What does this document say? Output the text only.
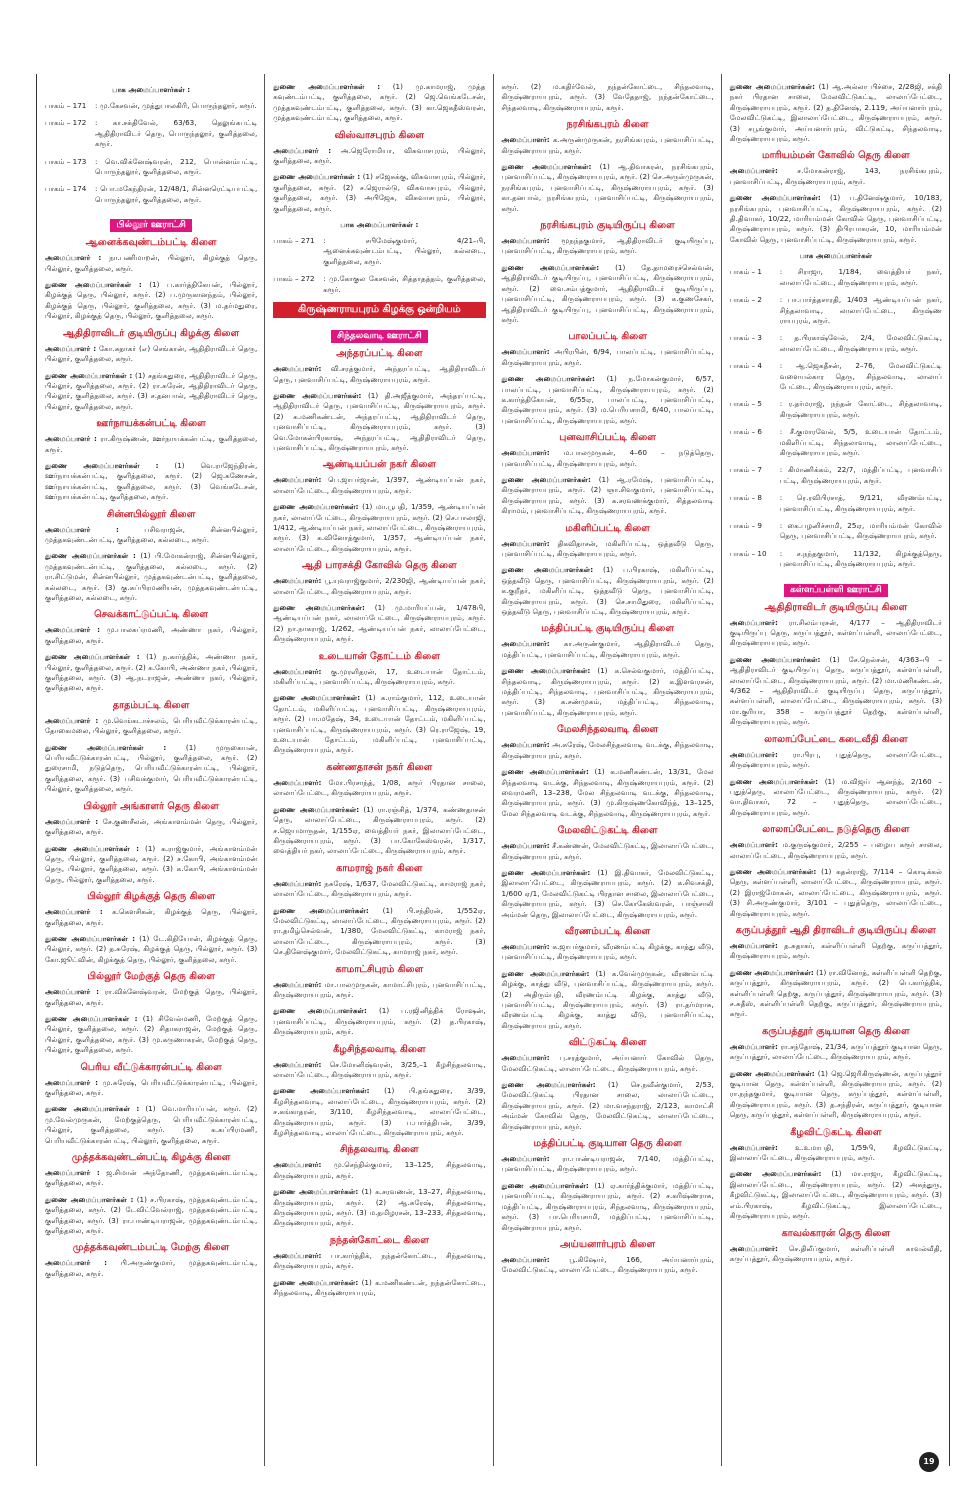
பாக அமைப்பாளர்கள் :
பாகம் – 171	: மு.கேசவன், முத்துபாலகிரி, பொருந்தலூர், கரூர்.
பாகம் – 172	: கா.சக்திவேல், 63/63, தெலுங்கபட்டி ஆதிதிராவிடர் தெரு, பொருந்தலூர், குளித்தலை, கரூர்.
பாகம் – 173	: வெ.விக்னேஷ்வரன், 212, பொன்னம்பட்டி, பொருந்தலூர், குளித்தலை, கரூர்.
பாகம் – 174	: பொ.மகேந்திரன், 12/48/1, சின்னரெட்டியபட்டி, பொருந்தலூர், குளித்தலை, கரூர்.
பில்லூர் ஊராட்சி
ஆனைக்கவுண்டம்பட்டி கிளை
அமைப்பாளர் : நா.பணிமாறன், பில்லூர், கிழக்குத் தெரு, பில்லூர், குளித்தலை, கரூர்.
துணை அமைப்பாளர்கள் : (1) ப.கார்த்திகேயன், பில்லூர், கிழக்குத் தெரு, பில்லூர், கரூர். (2) ப.முருகானந்தம், பில்லூர், கிழக்குத் தெரு, பில்லூர், குளித்தலை, கரூர். (3) ம.தர்மதுரை, பில்லூர், கிழக்குத் தெரு, பில்லூர், குளித்தலை, கரூர்.
ஆதிதிராவிடர் குடியிருப்பு கிழக்கு கிளை
அமைப்பாளர் : கோ.சுதாகர் (எ) செங்கான், ஆதிதிராவிடர் தெரு, பில்லூர், குளித்தலை, கரூர்.
துணை அமைப்பாளர்கள் : (1) சதங்கதுரை, ஆதிதிராவிடர் தெரு, பில்லூர், குளித்தலை, கரூர். (2) ரா.சுரேன், ஆதிதிராவிடர் தெரு, பில்லூர், குளித்தலை, கரூர். (3) ச.தனபால், ஆதிதிராவிடர் தெரு, பில்லூர், குளித்தலை, கரூர்.
ஊர்நாயக்கன்பட்டி கிளை
அமைப்பாளர் : ரா.கிருஷ்ணன், ஊர்நாயக்கன்பட்டி, குளித்தலை, கரூர்.
துணை அமைப்பாளர்கள் : (1) வெ.ராஜேந்திரன், ஊர்நாயக்கன்பட்டி, குளித்தலை, கரூர். (2) ஜெ.கணேசன், ஊர்நாயக்கன்பட்டி, குளித்தலை, கரூர். (3) வெங்கடேசன், ஊர்நாயக்கன்பட்டி, குளித்தலை, கரூர்.
சின்னபில்லூர் கிளை
அமைப்பாளர் : பசிவராஜன், சின்னபில்லூர், முத்தகவுண்டன்பட்டி, குளித்தலை, கல்லடை, கரூர்.
துணை அமைப்பாளர்கள் : (1) பி.மோகன்ராஜ், சின்னபில்லூர், முத்தகவுண்டன்பட்டி, குளித்தலை, கல்லடை, கரூர். (2) ரா.சிட்டுமன், சின்னபில்லூர், முத்தகவுண்டன்பட்டி, குளித்தலை, கல்லடை, கரூர். (3) கு.சுப்பிரமணியன், முத்தகவுண்டன்பட்டி, குளித்தலை, கல்லடை, கரூர்.
செவக்காட்டுப்பட்டி கிளை
அமைப்பாளர் : மு.பாலசுப்ரமணி, அண்ணா நகர், பில்லூர், குளித்தலை, கரூர்.
துணை அமைப்பாளர்கள் : (1) ந.கார்த்திக், அண்ணா நகர், பில்லூர், குளித்தலை, கரூர். (2) க.கோபி, அண்ணா நகர், பில்லூர், குளித்தலை, கரூர். (3) ஆ.நடராஜன், அண்ணா நகர், பில்லூர், குளித்தலை, கரூர்.
தாதம்பட்டி கிளை
அமைப்பாளர் : மு.வெங்கடாச்சலம், பெரியவீட்டுக்காரன்பட்டி, தோகைமலை, பில்லூர், குளித்தலை, கரூர்.
துணை அமைப்பாளர்கள் : (1) முருகையன், பெரியவீட்டுக்காரன்பட்டி, பில்லூர், குளித்தலை, கரூர். (2) துரைசாமி, நடுத்தெரு, பெரியவீட்டுக்காரன்பட்டி, பில்லூர், குளித்தலை, கரூர். (3) பசிவக்குமார், பெரியவீட்டுக்காரன்பட்டி, பில்லூர், குளித்தலை, கரூர்.
பில்லூர் அங்காளர் தெரு கிளை
அமைப்பாளர் : சே.குணசீலன், அங்காளம்மன் தெரு, பில்லூர், குளித்தலை, கரூர்.
துணை அமைப்பாளர்கள் : (1) க.ராஜ்குமார், அங்காளம்மன் தெரு, பில்லூர், குளித்தலை, கரூர். (2) ச.கோபி, அங்காளம்மன் தெரு, பில்லூர், குளித்தலை, கரூர். (3) க.கோபி, அங்காளம்மன் தெரு, பில்லூர், குளித்தலை, கரூர்.
பில்லூர் கிழக்குத் தெரு கிளை
அமைப்பாளர் : க.கௌசிகன், கிழக்குத் தெரு, பில்லூர், குளித்தலை, கரூர்.
துணை அமைப்பாளர்கள் : (1) டே.கிதியோன், கிழக்குத் தெரு, பில்லூர், கரூர். (2) த.சுரேஷ், கிழக்குத் தெரு, பில்லூர், கரூர். (3) கோ.ஜூட்வின், கிழக்குத் தெரு, பில்லூர், குளித்தலை, கரூர்.
பில்லூர் மேற்குத் தெரு கிளை
அமைப்பாளர் : ரா.விக்னேஷ்வரன், மேற்குத் தெரு, பில்லூர், குளித்தலை, கரூர்.
துணை அமைப்பாளர்கள் : (1) சிவேல்மணி, மேற்குத் தெரு, பில்லூர், குளித்தலை, கரூர். (2) சிதாகராஜன், மேற்குத் தெரு, பில்லூர், குளித்தலை, கரூர். (3) மு.கருணாகரன், மேற்குத் தெரு, பில்லூர், குளித்தலை, கரூர்.
பெரிய வீட்டுக்காரன்பட்டி கிளை
அமைப்பாளர் : மு.சுரேஷ், பெரியவீட்டுக்காரன்பட்டி, பில்லூர், குளித்தலை, கரூர்.
துணை அமைப்பாளர்கள் : (1) வெ.மாரியப்பன், கரூர். (2) மு.வேல்முருகன், மேற்குத்தெரு, பெரியவீட்டுக்காரன்பட்டி, பில்லூர், குளித்தலை, கரூர். (3) க.சுப்பிரமணி, பெரியவீட்டுக்காரன்பட்டி, பில்லூர், குளித்தலை, கரூர்.
முத்தக்கவுண்டன்பட்டி கிழக்கு கிளை
அமைப்பாளர் : ஜ.சிமான் அந்தோணி, முத்தகவுண்டம்பட்டி, குளித்தலை, கரூர்.
துணை அமைப்பாளர்கள் : (1) ச.பிரகாஷ், முத்தகவுண்டம்பட்டி, குளித்தலை, கரூர். (2) டேவிட்வேல்ராஜ், முத்தகவுண்டம்பட்டி, குளித்தலை, கரூர். (3) ரா.பாண்டியராஜன், முத்தகவுண்டம்பட்டி, குளித்தலை, கரூர்.
முத்தக்கவுண்டம்பட்டி மேற்கு கிளை
அமைப்பாளர் : பி.அருண்குமார், முத்தகவுண்டம்பட்டி, குளித்தலை, கரூர்.
துணை அமைப்பாளர்கள் : (1) மு.காமராஜ், முத்த கவுண்டம்பட்டி, குளித்தலை, கரூர். (2) ஜெ.வெங்கடேசன், முத்தகவுண்டம்பட்டி, குளித்தலை, கரூர். (3) கா.ஜெகதீஸ்வரன், முத்தகவுண்டம்பட்டி, குளித்தலை, கரூர்.
விஸ்வாசபுரம் கிளை
அமைப்பாளர் : அ.ஜெரோமியா, விசுவாசபுரம், பில்லூர், குளித்தலை, கரூர்.
துணை அமைப்பாளர்கள் : (1) சஜேசுக்கு, விசுவாசபுரம், பில்லூர், குளித்தலை, கரூர். (2) ச.ஜெரால்டு, விசுவாசபுரம், பில்லூர், குளித்தலை, கரூர். (3) அபிஜேசு, விசுவாசபுரம், பில்லூர், குளித்தலை, கரூர்.
பாக அமைப்பாளர்கள் :
பாகம் – 271	: சபிமேஷ்குமார், 4/21–பி, ஆனைக்கவுண்டம்பட்டி, பில்லூர், கல்லடை, குளித்தலை, கரூர்.
பாகம் – 272	: மு.கோகுல கேசவன், சித்தாதத்தம், குளித்தலை, கரூர்.
கிருஷ்ணராயபுரம் கிழக்கு ஒன்றியம்
சிந்தலவாடி ஊராட்சி
அந்தரப்பட்டி கிளை
அமைப்பாளர்: வி.சரத்குமார், அந்தரப்பட்டி, ஆதிதிராவிடர் தெரு, புனவாசிப்பட்டி, கிருஷ்ணராயபுரம், கரூர்.
துணை அமைப்பாளர்கள்: (1) தி.அஜீத்குமார், அந்தரப்பட்டி, ஆதிதிராவிடர் தெரு, புனவாசிப்பட்டி, கிருஷ்ணராயபுரம், கரூர். (2) க.மணிகண்டன், அந்தரப்பட்டி, ஆதிதிராவிடர் தெரு, புனவாசிப்பட்டி, கிருஷ்ணராயபுரம், கரூர். (3) வெ.மோகன்பிரகாஷ், அந்தரப்பட்டி, ஆதிதிராவிடர் தெரு, புனவாசிப்பட்டி, கிருஷ்ணராயபுரம், கரூர்.
ஆண்டியப்பன் நகர் கிளை
அமைப்பாளர்: பெ.ஜாபர்ஜான், 1/397, ஆண்டியப்பன் நகர், லாலாப்பேட்டை, கிருஷ்ணராயபுரம், கரூர்.
துணை அமைப்பாளர்கள்: (1) மா.பூபதி, 1/359, ஆண்டியப்பன் நகர், லாலாப்பேட்டை, கிருஷ்ணராயபுரம், கரூர். (2) செ.பாலாஜி, 1/412, ஆண்டியப்பன் நகர், லாலாப்பேட்டை, கிருஷ்ணராயபுரம், கரூர். (3) க.வினோத்குமார், 1/357, ஆண்டியப்பன் நகர், லாலாப்பேட்டை, கிருஷ்ணராயபுரம், கரூர்.
ஆதி பாரசக்தி கோவில் தெரு கிளை
அமைப்பாளர்: பூ.யுவராஜ்குமார், 2/230ஜி, ஆண்டியப்பன் நகர், லாலாப்பேட்டை, கிருஷ்ணராயபுரம், கரூர்.
துணை அமைப்பாளர்கள்: (1) மு.மாரியப்பன், 1/478பி, ஆண்டியப்பன் நகர், லாலாப்பேட்டை, கிருஷ்ணராயபுரம், கரூர். (2) நா.நாகராஜ், 1/262, ஆண்டியப்பன் நகர், லாலாப்பேட்டை, கிருஷ்ணராயபுரம், கரூர்.
உடையான் தோட்டம் கிளை
அமைப்பாளர்: கு.முரளிதரன், 17, உடையான் தோட்டம், மகிளிப்பட்டி, புனவாசிப்பட்டி, கிருஷ்ணராயபுரம், கரூர்.
துணை அமைப்பாளர்கள்: (1) க.ராம்குமார், 112, உடையான் தோட்டம், மகிளிப்பட்டி, புனவாசிப்பட்டி, கிருஷ்ணராயபுரம், கரூர். (2) பா.மதேஷ், 34, உடையான் தோட்டம், மகிளிப்பட்டி, புனவாசிப்பட்டி, கிருஷ்ணராயபுரம், கரூர். (3) ரெ.ராஜேஷ், 19, உடையான் தோட்டம், மகிளிப்பட்டி, புனவாசிப்பட்டி, கிருஷ்ணராயபுரம், கரூர்.
கண்ணதாசன் நகர் கிளை
அமைப்பாளர்: மோ.பிரசாந்த், 1/08, கரூர் பிரதான சாலை, லாலாப்பேட்டை, கிருஷ்ணராயபுரம், கரூர்.
துணை அமைப்பாளர்கள்: (1) ரா.ரஞ்சித், 1/374, கண்ணதாசன் தெரு, லாலாப்பேட்டை, கிருஷ்ணராயபுரம், கரூர். (2) ச.ஜெயமாருதன், 1/155ஏ, வைத்தியர் நகர், இலாலாப்பேட்டை, கிருஷ்ணராயபுரம், கரூர். (3) பா.கோகேஸ்வரன், 1/317, வைத்தியர் நகர், லாலாப்பேட்டை, கிருஷ்ணராயபுரம், கரூர்.
காமராஜ் நகர் கிளை
அமைப்பாளர்: நசுரேஷ், 1/637, மேலவிட்டுகட்டி, காமராஜ் நகர், லாலாப்பேட்டை, கிருஷ்ணராயபுரம், கரூர்.
துணை அமைப்பாளர்கள்: (1) பி.சந்திரன், 1/552ஏ, மேலவிட்டுகட்டி, லாலாப்பேட்டை, கிருஷ்ணராயபுரம், கரூர். (2) ரா.தமிழ்செல்வன், 1/380, மேலவிட்டுகட்டி, காமராஜ் நகர், லாலாப்பேட்டை, கிருஷ்ணராயபுரம், கரூர். (3) செ.தினேஷ்குமார், மேலவிட்டுகட்டி, காமராஜ் நகர், கரூர்.
காமாட்சிபுரம் கிளை
அமைப்பாளர்: மா.பாலமுருகன், காமாட்சிபுரம், புனவாசிப்பட்டி, கிருஷ்ணராயபுரம், கரூர்.
துணை அமைப்பாளர்கள்: (1) ப.ரஜினித்திக் ரோஷன், புனவாசிப்பட்டி, கிருஷ்ணராயபுரம், கரூர். (2) த.பிரகாஷ், கிருஷ்ணராயபுரம், கரூர்.
கீழசிந்தலவாடி கிளை
அமைப்பாளர்: செ.மோனிஷ்வரன், 3/25,–1 கீழசிந்தலவாடி, லாலாப்பேட்டை, கிருஷ்ணராயபுரம், கரூர்.
துணை அமைப்பாளர்கள்: (1) பி.தங்கதுரை, 3/39, கீழசிந்தலவாடி, லாலாப்பேட்டை, கிருஷ்ணராயபுரம், கரூர். (2) ச.கங்காதரன், 3/110, கீழசிந்தலவாடி, லாலாப்பேட்டை, கிருஷ்ணராயபுரம், கரூர். (3) ப.பார்த்திபன், 3/39, கீழசிந்தலவாடி, லாலாப்பேட்டை, கிருஷ்ணராயபுரம், கரூர்.
சிந்தலவாடி கிளை
அமைப்பாளர்: மு.செந்தில்குமார், 13–125, சிந்தலவாடி, கிருஷ்ணராயபுரம், கரூர்.
துணை அமைப்பாளர்கள்: (1) க.சரவணன், 13–27, சிந்தலவாடி, கிருஷ்ணராயபுரம், கரூர். (2) ஆ.சுரேஷ், சிந்தலவாடி, கிருஷ்ணராயபுரம், கரூர். (3) ம.தமிழரசன், 13–233, சிந்தலவாடி, கிருஷ்ணராயபுரம், கரூர்.
நந்தன்கோட்டை கிளை
அமைப்பாளர்: பா.கார்த்திக், நந்தன்கோட்டை, சிந்தலவாடி, கிருஷ்ணராயபுரம், கரூர்.
துணை அமைப்பாளர்கள்: (1) க.மணிகண்டன், நந்தன்கோட்டை, சிந்தலவாடி, கிருஷ்ணராயபுரம்,
கரூர். (2) ம.கதிர்வேல், நந்தன்கோட்டை, சிந்தலவாடி, கிருஷ்ணராயபுரம், கரூர். (3) வேதேதாஜ், நந்தன்கோட்டை, சிந்தலவாடி, கிருஷ்ணராயபுரம், கரூர்.
நரசிங்கபுரம் கிளை
அமைப்பாளர்: க.அருண்முருகன், நரசிங்கபுரம், புனவாசிப்பட்டி, கிருஷ்ணராயபுரம், கரூர்.
துணை அமைப்பாளர்கள்: (1) ஆ.திவாகரன், நரசிங்கபுரம், புனவாசிப்பட்டி, கிருஷ்ணராயபுரம், கரூர். (2) செ.அருள்முருகன், நரசிங்கபுரம், புனவாசிப்பட்டி, கிருஷ்ணராயபுரம், கரூர். (3) கா.தனபால், நரசிங்கபுரம், புனவாசிப்பட்டி, கிருஷ்ணராயபுரம், கரூர்.
நரசிங்கபுரம் குடியிருப்பு கிளை
அமைப்பாளர்: மூநந்தகுமார், ஆதிதிராவிடர் குடியிருப்பு, புனவாசிப்பட்டி, கிருஷ்ணராயபுரம், கரூர்.
துணை அமைப்பாளர்கள்: (1) தே.தாமரைச்செல்வன், ஆதிதிராவிடர் குடியிருப்பு, புனவாசிப்பட்டி, கிருஷ்ணராயபுரம், கரூர். (2) வை.சம்பத்குமார், ஆதிதிராவிடர் குடியிருப்பு, புனவாசிப்பட்டி, கிருஷ்ணராயபுரம், கரூர். (3) க.குணசேகர், ஆதிதிராவிடர் குடியிருப்பு, புனவாசிப்பட்டி, கிருஷ்ணராயபுரம், கரூர்.
பாலப்பட்டி கிளை
அமைப்பாளர்: அபிரபின், 6/94, பாலப்பட்டி, புனவாசிப்பட்டி, கிருஷ்ணராயபுரம், கரூர்.
துணை அமைப்பாளர்கள்: (1) ந.மோகன்குமார், 6/57, பாலப்பட்டி, புனவாசிப்பட்டி, கிருஷ்ணராயபுரம், கரூர். (2) க.கார்த்திகேயன், 6/55ஏ, பாலப்பட்டி, புனவாசிப்பட்டி, கிருஷ்ணராயபுரம், கரூர். (3) ம.பெரியசாமி, 6/40, பாலப்பட்டி, புனவாசிப்பட்டி, கிருஷ்ணராயபுரம், கரூர்.
புனவாசிப்பட்டி கிளை
அமைப்பாளர்: ம.பாலமுருகன், 4–60 – நடுத்தெரு, புனவாசிப்பட்டி, கிருஷ்ணராயபுரம், கரூர்.
துணை அமைப்பாளர்கள்: (1) ஆ.ரமேஷ், புனவாசிப்பட்டி, கிருஷ்ணராயபுரம், கரூர். (2) ஞா.சிவகுமார், புனவாசிப்பட்டி, கிருஷ்ணராயபுரம், கரூர். (3) க.சரவணக்குமார், சித்தலவாடி கிராமம், புனவாசிப்பட்டி, கிருஷ்ணராயபுரம், கரூர்.
மகிளிப்பட்டி கிளை
அமைப்பாளர்: திகவிதாசன், மகிளிப்பட்டி, ஒத்தவீடு தெரு, புனவாசிப்பட்டி, கிருஷ்ணராயபுரம், கரூர்.
துணை அமைப்பாளர்கள்: (1) ப.பிரகாஷ், மகிளிப்பட்டி, ஒத்தவீடு தெரு, புனவாசிப்பட்டி, கிருஷ்ணராயபுரம், கரூர். (2) க.குறீதர், மகிளிப்பட்டி, ஒத்தவீடு தெரு, புனவாசிப்பட்டி, கிருஷ்ணராயபுரம், கரூர். (3) செ.சாமிதுரை, மகிளிப்பட்டி, ஒத்தவீடு தெரு, புனவாசிப்பட்டி, கிருஷ்ணராயபுரம், கரூர்.
மத்திப்பட்டி குடியிருப்பு கிளை
அமைப்பாளர்: கா.அருண்குமார், ஆதிதிராவிடர் தெரு, மத்திப்பட்டி, புனவாசிப்பட்டி, கிருஷ்ணராயபுரம், கரூர்.
துணை அமைப்பாளர்கள்: (1) க.செல்வகுமார், மத்திப்பட்டி, சிந்தலவாடி, கிருஷ்ணராயபுரம், கரூர். (2) க.இளவரசன், மத்திப்பட்டி, சிந்தலவாடி, புனவாசிப்பட்டி, கிருஷ்ணராயபுரம், கரூர். (3) க.சண்முகம், மத்திப்பட்டி, சிந்தலவாடி, புனவாசிப்பட்டி, கிருஷ்ணராயபுரம், கரூர்.
மேலசிந்தலவாடி கிளை
அமைப்பாளர்: அ.சுரேஷ், மேலசிந்தலவாடி வடக்கு, சிந்தலவாடி, கிருஷ்ணராயபுரம், கரூர்.
துணை அமைப்பாளர்கள்: (1) க.மணிகண்டன், 13/31, மேல சிந்தலவாடி வடக்கு, சிந்தலவாடி, கிருஷ்ணராயபுரம், கரூர். (2) வைரமணி, 13–238, மேல சிந்தலவாடி வடக்கு, சிந்தலவாடி, கிருஷ்ணராயபுரம், கரூர். (3) மு.கிருஷ்ணகோவிந்த், 13–125, மேல சிந்தலவாடி வடக்கு, சிந்தலவாடி, கிருஷ்ணராயபுரம், கரூர்.
மேலவிட்டுகட்டி கிளை
அமைப்பாளர்: சீ.கண்ணன், மேலவிட்டுகட்டி, இலாலாப்பேட்டை, கிருஷ்ணராயபுரம், கரூர்.
துணை அமைப்பாளர்கள்: (1) இ.திவாகர், மேலவிட்டுகட்டி, இலாலாப்பேட்டை, கிருஷ்ணராயபுரம், கரூர். (2) க.சிவசக்தி, 1/600 ஏ/1, மேலவிட்டுகட்டி பிரதான சாலை, இலாலாப்பேட்டை, கிருஷ்ணராயபுரம், கரூர். (3) செ.கோகேஸ்வரன், பாஞ்சாலி அம்மன் தெரு, இலாலாப்பேட்டை, கிருஷ்ணராயபுரம், கரூர்.
வீரணம்பட்டி கிளை
அமைப்பாளர்: க.ஜாபர்குமார், வீரணம்பட்டி கிழக்கு, காத்து வீடு, புனவாசிப்பட்டி, கிருஷ்ணராயபுரம், கரூர்.
துணை அமைப்பாளர்கள்: (1) க.வேல்முருகன், வீரணம்பட்டி கிழக்கு, காத்து வீடு, புனவாசிப்பட்டி, கிருஷ்ணராயபுரம், கரூர். (2) அதிரும்பதி, வீரணம்பட்டி கிழக்கு, காத்து வீடு, புனவாசிப்பட்டி, கிருஷ்ணராயபுரம், கரூர். (3) ரா.தர்மராசு, வீரணம்பட்டி கிழக்கு, காத்து வீடு, புனவாசிப்பட்டி, கிருஷ்ணராயபுரம், கரூர்.
விட்டுகட்டி கிளை
அமைப்பாளர்: பு.சரத்குமார், அய்யனார் கோவில் தெரு, மேலவிட்டுகட்டி, லாலாப்பேட்டை, கிருஷ்ணராயபுரம், கரூர்.
துணை அமைப்பாளர்கள்: (1) செ.நவீன்குமார், 2/53, மேலவிட்டுகட்டி பிரதான சாலை, லாலாப்பேட்டை, கிருஷ்ணராயபுரம், கரூர். (2) மா.வசந்தராஜ், 2/123, காமாட்சி அம்மன் கோவில் தெரு, மேலவிட்டுகட்டி, லாலாப்பேட்டை, கிருஷ்ணராயபுரம், கரூர்.
மத்திப்பட்டி குடியான தெரு கிளை
அமைப்பாளர்: ரா.பாண்டியராஜன், 7/140, மத்திப்பட்டி, புனவாசிப்பட்டி, கிருஷ்ணராயபுரம், கரூர்.
துணை அமைப்பாளர்கள்: (1) ஏ.கார்த்திக்குமார், மத்திப்பட்டி, புனவாசிப்பட்டி, கிருஷ்ணராயபுரம், கரூர். (2) ச.கரிஷ்ணராசு, மத்திப்பட்டி, கிருஷ்ணராயபுரம், சிந்தலவாடி, கிருஷ்ணராயபுரம், கரூர். (3) பா.பெரியசாமி, மத்திப்பட்டி, புனவாசிப்பட்டி, கிருஷ்ணராயபுரம், கரூர்.
அய்யனார்புரம் கிளை
அமைப்பாளர்: பூ.கிஷோர், 166, அய்யனார்புரம், மேலவிட்டுகட்டி, லாலாப்பேட்டை, கிருஷ்ணராயபுரம், கரூர்.
துணை அமைப்பாளர்கள்: (1) ஆ.அல்லா பிச்சை, 2/28ஜி, சக்தி நகர் பிரதான சாலை, மேலவிட்டுகட்டி, லாலாப்பேட்டை, கிருஷ்ணராயபுரம், கரூர். (2) த.தினேஷ், 2.119, அய்யனார்புரம், மேலவிட்டுகட்டி, இலாலாப்பேட்டை, கிருஷ்ணராயபுரம், கரூர். (3) சபூங்குமார், அய்யனார்புரம், விட்டுகட்டி, சிந்தலவாடி, கிருஷ்ணராயபுரம், கரூர்.
மாரியம்மன் கோவில் தெரு கிளை
அமைப்பாளர்: ச.மோகன்ராஜ், 143, நரசிங்கபுரம், புனவாசிப்பட்டி, கிருஷ்ணராயபுரம், கரூர்.
துணை அமைப்பாளர்கள்: (1) ப.தினேஷ்குமார், 10/183, நரசிங்கபுரம், புனவாசிப்பட்டி, கிருஷ்ணராயபுரம், கரூர். (2) தி.திவாகர், 10/22, மாரியம்மன் கோவில் தெரு, புனவாசிப்பட்டி, கிருஷ்ணராயபுரம், கரூர். (3) திபிரபாகரன், 10, மாரியம்மன் கோவில் தெரு, புனவாசிப்பட்டி, கிருஷ்ணராயபுரம், கரூர்.
பாக அமைப்பாளர்கள்
பாகம் – 1	: சிராஜா, 1/184, வைத்தியர் நகர், லாலாப்பேட்டை, கிருஷ்ணராயபுரம், கரூர்.
பாகம் – 2	: பா.பார்த்தசாரதி, 1/403 ஆண்டியப்பன் நகர், சிந்தலாவாடி, லாலாப்பேட்டை, கிருஷ்ண ராயபுரம், கரூர்.
பாகம் – 3	: த.பிரகாஷ்வேல், 2/4, மேலவிட்டுகட்டி, லாலாப்பேட்டை, கிருஷ்ணராயபுரம், கரூர்.
பாகம் – 4	: ஆ.ஜெகதீசன், 2–76, மேலவிட்டுகட்டி வளையல்கார தெரு, சிந்தலவாடி, லாலாப் பேட்டை, கிருஷ்ணராயபுரம், கரூர்.
பாகம் – 5	: ர.தர்மராஜ், நந்தன் கோட்டை, சிந்தலாவாடி, கிருஷ்ணராயபுரம், கரூர்.
பாகம் – 6	: சீ.குமாரவேல், 5/5, உடையான் தோட்டம், மகிளிப்பட்டி, சிந்தலாவாடி, லாலாப்பேட்டை, கிருஷ்ணராயபுரம், கரூர்.
பாகம் – 7	: கிமாணிக்கம், 22/7, மத்திப்பட்டி, புனவாசிப் பட்டி, கிருஷ்ணராயபுரம், கரூர்.
பாகம் – 8	: ரெ.ரவிபிரசாத், 9/121, வீரணம்பட்டி, புனவாசிப்பட்டி, கிருஷ்ணராயபுரம், கரூர்.
பாகம் – 9	: கை.பழனிச்சாமி, 25ஏ, மாரியம்மன் கோவில் தெரு, புனவாசிப்பட்டி, கிருஷ்ணராயபுரம், கரூர்.
பாகம் – 10	: ச.நந்தகுமார், 11/132, கிழக்குத்தெரு, புனவாசிப்பட்டி, கிருஷ்ணராயபுரம், கரூர்.
கள்ளப்பள்ளி ஊராட்சி
ஆதிதிராவிடர் குடியிருப்பு கிளை
அமைப்பாளர்: ரா.சிலம்பரசன், 4/177 – ஆதிதிராவிடர் குடியிருப்பு தெரு, கருப்பத்தூர், கள்ளப்பள்ளி, லாலாப்பேட்டை, கிருஷ்ணராயபுரம், கரூர்.
துணை அமைப்பாளர்கள்: (1) சே.நெல்சன், 4/363–பி – ஆதிதிராவிடர் குடியிருப்பு தெரு, கருப்பத்தூர், கள்ளப்பள்ளி, லாலாப்பேட்டை, கிருஷ்ணராயபுரம், கரூர். (2) மா.மணிகண்டன், 4/362 – ஆதிதிராவிடர் குடியிருப்பு தெரு, கருப்பத்தூர், கள்ளப்பள்ளி, லாலாப்பேட்டை, கிருஷ்ணராயபுரம், கரூர். (3) மா.குரியா, 358 – கருப்பத்தூர் தெற்கு, கள்ளப்பள்ளி, கிருஷ்ணராயபுரம், கரூர்.
லாலாப்பேட்டை கடைவீதி கிளை
அமைப்பாளர்: ரா.பிரபு, புதுத்தெரு, லாலாப்பேட்டை, கிருஷ்ணராயபுரம், கரூர்.
துணை அமைப்பாளர்கள்: (1) ம.விஜய் ஆனந்த், 2/160 – புதுத்தெரு, லாலாப்பேட்டை, கிருஷ்ணராயபுரம், கரூர். (2) வா.திவாகர், 72 – புதுத்தெரு, லாலாப்பேட்டை, கிருஷ்ணராயபுரம், கரூர்.
லாலாப்பேட்டை நடுத்தெரு கிளை
அமைப்பாளர்: ம.குருஷ்குமார், 2/255 – பழைய கரூர் சாலை, லாலாப்பேட்டை, கிருஷ்ணராயபுரம், கரூர்.
துணை அமைப்பாளர்கள்: (1) கதன்ராஜ், 7/114 – கொடிக்கல் தெரு, கள்ளப்பள்ளி, லாலாப்பேட்டை, கிருஷ்ணராயபுரம், கரூர். (2) இராஜ்மோகன், லாலாப்பேட்டை, கிருஷ்ணராயபுரம், கரூர். (3) சி.அருண்குமார், 3/101 – புதுத்தெரு, லாலாப்பேட்டை, கிருஷ்ணராயபுரம், கரூர்.
கருப்பத்தூர் ஆதி திராவிடர் குடியிருப்பு கிளை
அமைப்பாளர்: த.சுதாகர், கள்ளிப்பள்ளி தெற்கு, கருப்பத்தூர், கிருஷ்ணராயபுரம், கரூர்.
துணை அமைப்பாளர்கள்: (1) ரா.வினோத், கள்ளிப்பள்ளி தெற்கு, கருப்பத்தூர், கிருஷ்ணராயபுரம், கரூர். (2) பெ.கார்த்திக், கள்ளிப்பள்ளி தெற்கு, கருப்பத்தூர், கிருஷ்ணராயபுரம், கரூர். (3) ச.சுதீஸ், கள்ளிப்பள்ளி தெற்கு, கருப்பத்தூர், கிருஷ்ணராயபுரம், கரூர்.
கருப்பத்தூர் குடியான தெரு கிளை
அமைப்பாளர்: ரா.சந்தோஷ், 21/34, கருப்பத்தூர் குடியான தெரு, கருப்பத்தூர், லாலாப்பேட்டை, கிருஷ்ணராயபுரம், கரூர்.
துணை அமைப்பாளர்கள்: (1) ஜெ.ஜெரிகிருஷ்ணன், கருப்பத்தூர் குடியான தெரு, கள்ளப்பள்ளி, கிருஷ்ணராயபுரம், கரூர். (2) ரா.நந்தகுமார், குடியான தெரு, கருப்பத்தூர், கள்ளப்பள்ளி, கிருஷ்ணராயபுரம், கரூர். (3) த.சந்திரன், கருப்பத்தூர், குடியான தெரு, கருப்பத்தூர், கள்ளப்பள்ளி, கிருஷ்ணராயபுரம், கரூர்.
கீழவிட்டுகட்டி கிளை
அமைப்பாளர்: உ.உமாபதி, 1/59பி, கீழவிட்டுகட்டி, இலாலாப்பேட்டை, கிருஷ்ணராயபுரம், கரூர்.
துணை அமைப்பாளர்கள்: (1) மா.ராஜா, கீழவிட்டுகட்டி, இலாலாப்பேட்டை, கிருஷ்ணராயபுரம், கரூர். (2) அசுந்துரு, கீழவிட்டுகட்டி, இலாலாப்பேட்டை, கிருஷ்ணராயபுரம், கரூர். (3) எம்.பிரகாஷ், கீழவிட்டுகட்டி, இலாலாப்பேட்டை, கிருஷ்ணராயபுரம், கரூர்.
காவல்காரன் தெரு கிளை
அமைப்பாளர்: செ.திலீப்குமார், கள்ளிப்பள்ளி காவல்வீதி, கருப்பத்தூர், கிருஷ்ணராயபுரம், கரூர்.
19
